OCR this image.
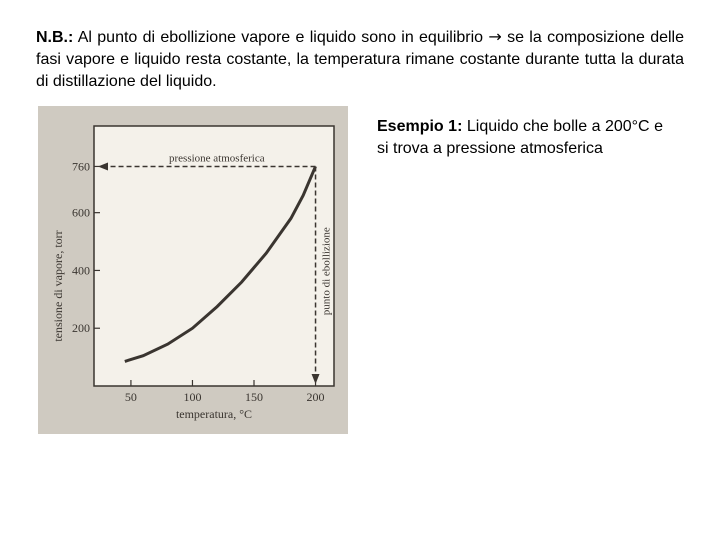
N.B.: Al punto di ebollizione vapore e liquido sono in equilibrio → se la composizione delle fasi vapore e liquido resta costante, la temperatura rimane costante durante tutta la durata di distillazione del liquido.
50	100	150	200
200
400
600
760
pressione atmosferica
punto di ebollizione
temperatura, °C
tensione di vapore, torr
Esempio 1: Liquido che bolle a 200°C e si trova a pressione atmosferica
